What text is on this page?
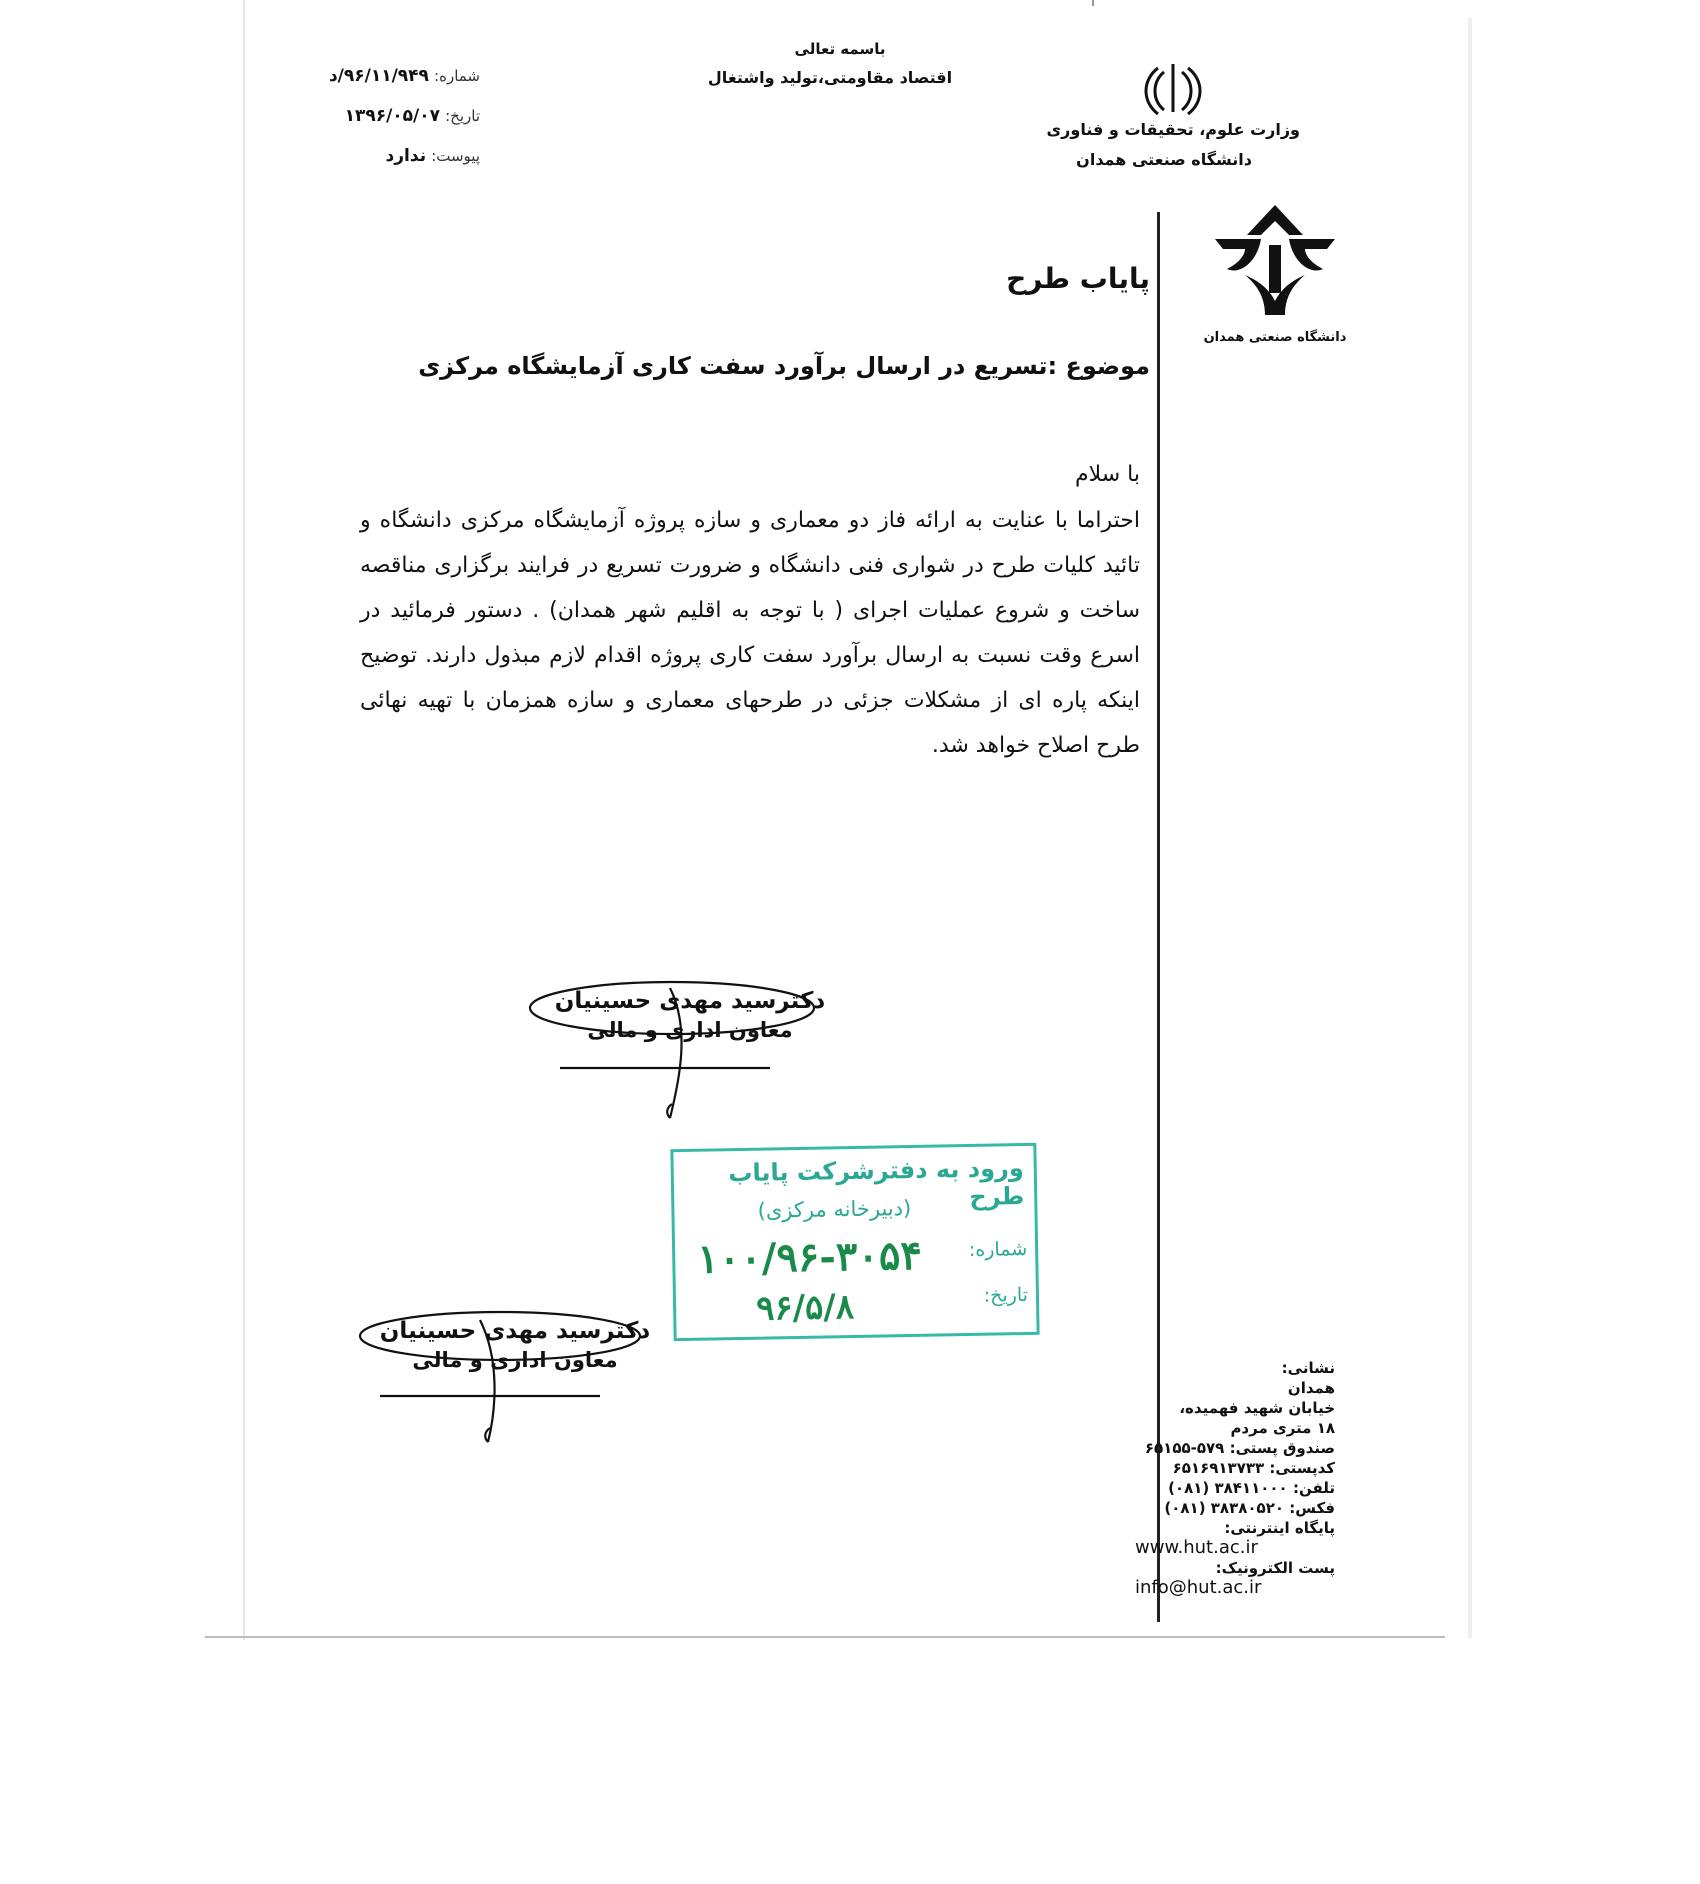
باسمه تعالی
اقتصاد مقاومتی،تولید واشتغال
وزارت علوم، تحقیقات و فناوری
دانشگاه صنعتی همدان
شماره: ۹۶/۱۱/۹۴۹/د
تاریخ: ۱۳۹۶/۰۵/۰۷
پیوست: ندارد
دانشگاه صنعتی همدان
پایاب طرح
موضوع :تسریع در ارسال برآورد سفت کاری آزمایشگاه مرکزی
با سلام
احتراما با عنایت به ارائه فاز دو معماری و سازه پروژه آزمایشگاه مرکزی دانشگاه و تائید کلیات طرح در شواری فنی دانشگاه و ضرورت تسریع در فرایند برگزاری مناقصه ساخت و شروع عملیات اجرای ( با توجه به اقلیم شهر همدان) . دستور فرمائید در اسرع وقت نسبت به ارسال برآورد سفت کاری پروژه اقدام لازم مبذول دارند. توضیح اینکه پاره ای از مشکلات جزئی در طرحهای معماری و سازه همزمان با تهیه نهائی طرح اصلاح خواهد شد.
دکترسید مهدی حسینیان
معاون اداری و مالی
ورود به دفترشرکت پایاب طرح
(دبیرخانه مرکزی)
شماره:
تاریخ:
۱۰۰/۹۶-۳۰۵۴
۹۶/۵/۸
دکترسید مهدی حسینیان
معاون اداری و مالی	نشانی:
همدان
خیابان شهید فهمیده،
۱۸ متری مردم
صندوق پستی: ۵۷۹-۶۵۱۵۵
کدپستی: ۶۵۱۶۹۱۳۷۳۳
تلفن: ۳۸۴۱۱۰۰۰ (۰۸۱)
فکس: ۳۸۳۸۰۵۲۰ (۰۸۱)
پایگاه اینترنتی:
www.hut.ac.ir
پست الکترونیک:
info@hut.ac.ir
